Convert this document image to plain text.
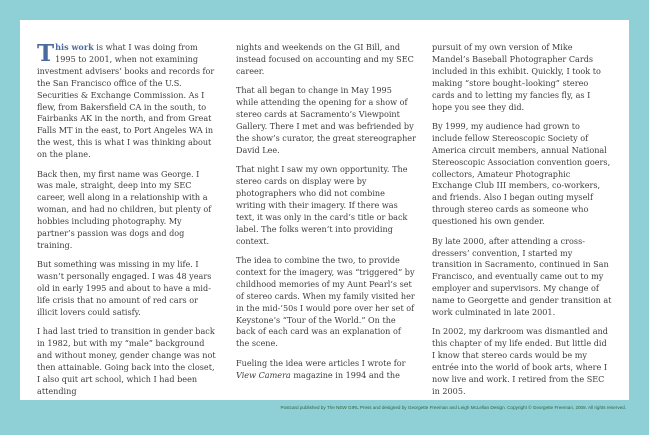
This work is what I was doing from 1995 to 2001, when not examining investment advisers’ books and records for the San Francisco office of the U.S. Securities & Exchange Commission. As I flew, from Bakersfield CA in the south, to Fairbanks AK in the north, and from Great Falls MT in the east, to Port Angeles WA in the west, this is what I was thinking about on the plane.

Back then, my first name was George. I was male, straight, deep into my SEC career, well along in a relationship with a woman, and had no children, but plenty of hobbies including photography. My partner’s passion was dogs and dog training.

But something was missing in my life. I wasn’t personally engaged. I was 48 years old in early 1995 and about to have a mid-life crisis that no amount of red cars or illicit lovers could satisfy.

I had last tried to transition in gender back in 1982, but with my “male” background and without money, gender change was not then attainable. Going back into the closet, I also quit art school, which I had been attending

nights and weekends on the GI Bill, and instead focused on accounting and my SEC career.

That all began to change in May 1995 while attending the opening for a show of stereo cards at Sacramento’s Viewpoint Gallery. There I met and was befriended by the show’s curator, the great stereographer David Lee.

That night I saw my own opportunity. The stereo cards on display were by photographers who did not combine writing with their imagery. If there was text, it was only in the card’s title or back label. The folks weren’t into providing context.

The idea to combine the two, to provide context for the imagery, was “triggered” by childhood memories of my Aunt Pearl’s set of stereo cards. When my family visited her in the mid-’50s I would pore over her set of Keystone’s “Tour of the World.” On the back of each card was an explanation of the scene.

Fueling the idea were articles I wrote for View Camera magazine in 1994 and the

pursuit of my own version of Mike Mandel’s Baseball Photographer Cards included in this exhibit. Quickly, I took to making “store bought–looking” stereo cards and to letting my fancies fly, as I hope you see they did.

By 1999, my audience had grown to include fellow Stereoscopic Society of America circuit members, annual National Stereoscopic Association convention goers, collectors, Amateur Photographic Exchange Club III members, co-workers, and friends. Also I began outing myself through stereo cards as someone who questioned his own gender.

By late 2000, after attending a cross-dressers’ convention, I started my transition in Sacramento, continued in San Francisco, and eventually came out to my employer and supervisors. My change of name to Georgette and gender transition at work culminated in late 2001.

In 2002, my darkroom was dismantled and this chapter of my life ended. But little did I know that stereo cards would be my entrée into the world of book arts, where I now live and work. I retired from the SEC in 2005.

Postcard published by The NEW GIRL Press and designed by Georgette Freeman and Leigh McLellan Design. Copyright © Georgette Freeman, 2008. All rights reserved.
